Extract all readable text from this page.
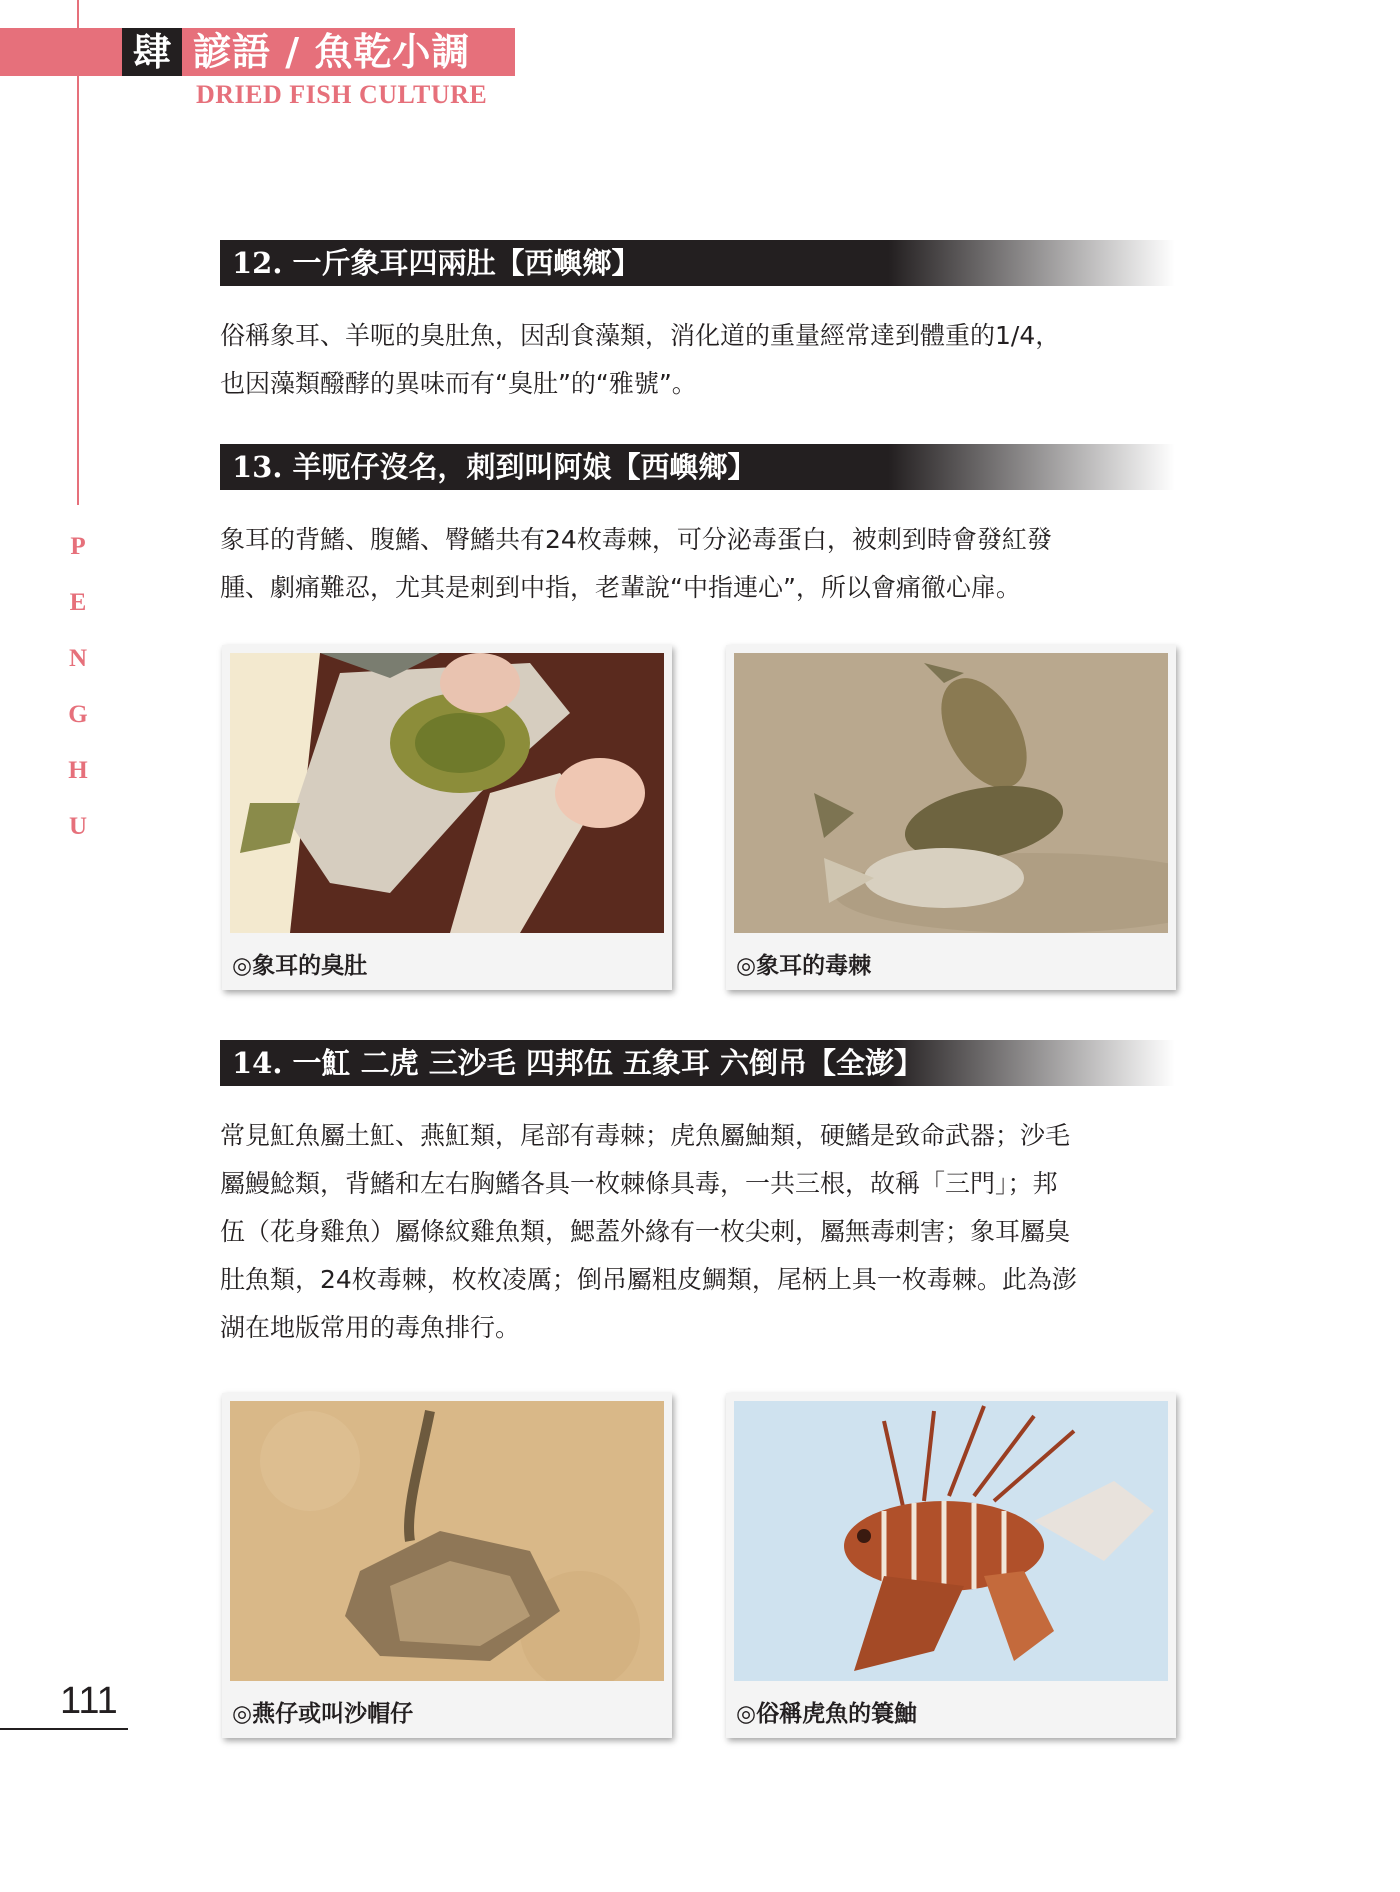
肆 諺語 / 魚乾小調
DRIED FISH CULTURE
P
E
N
G
H
U
12. 一斤象耳四兩肚【西嶼鄉】
俗稱象耳、羊呃的臭肚魚，因刮食藻類，消化道的重量經常達到體重的1/4，
也因藻類醱酵的異味而有“臭肚”的“雅號”。
13. 羊呃仔沒名，刺到叫阿娘【西嶼鄉】
象耳的背鰭、腹鰭、臀鰭共有24枚毒棘，可分泌毒蛋白，被刺到時會發紅發
腫、劇痛難忍，尤其是刺到中指，老輩說“中指連心”，所以會痛徹心扉。
◎象耳的臭肚	◎象耳的毒棘
14. 一魟 二虎 三沙毛 四邦伍 五象耳 六倒吊【全澎】
常見魟魚屬土魟、燕魟類，尾部有毒棘；虎魚屬鮋類，硬鰭是致命武器；沙毛
屬鰻鯰類，背鰭和左右胸鰭各具一枚棘條具毒，一共三根，故稱「三門」；邦
伍（花身雞魚）屬條紋雞魚類，鰓蓋外緣有一枚尖刺，屬無毒刺害；象耳屬臭
肚魚類，24枚毒棘，枚枚凌厲；倒吊屬粗皮鯛類，尾柄上具一枚毒棘。此為澎
湖在地版常用的毒魚排行。
◎燕仔或叫沙帽仔	◎俗稱虎魚的簑鮋
111
